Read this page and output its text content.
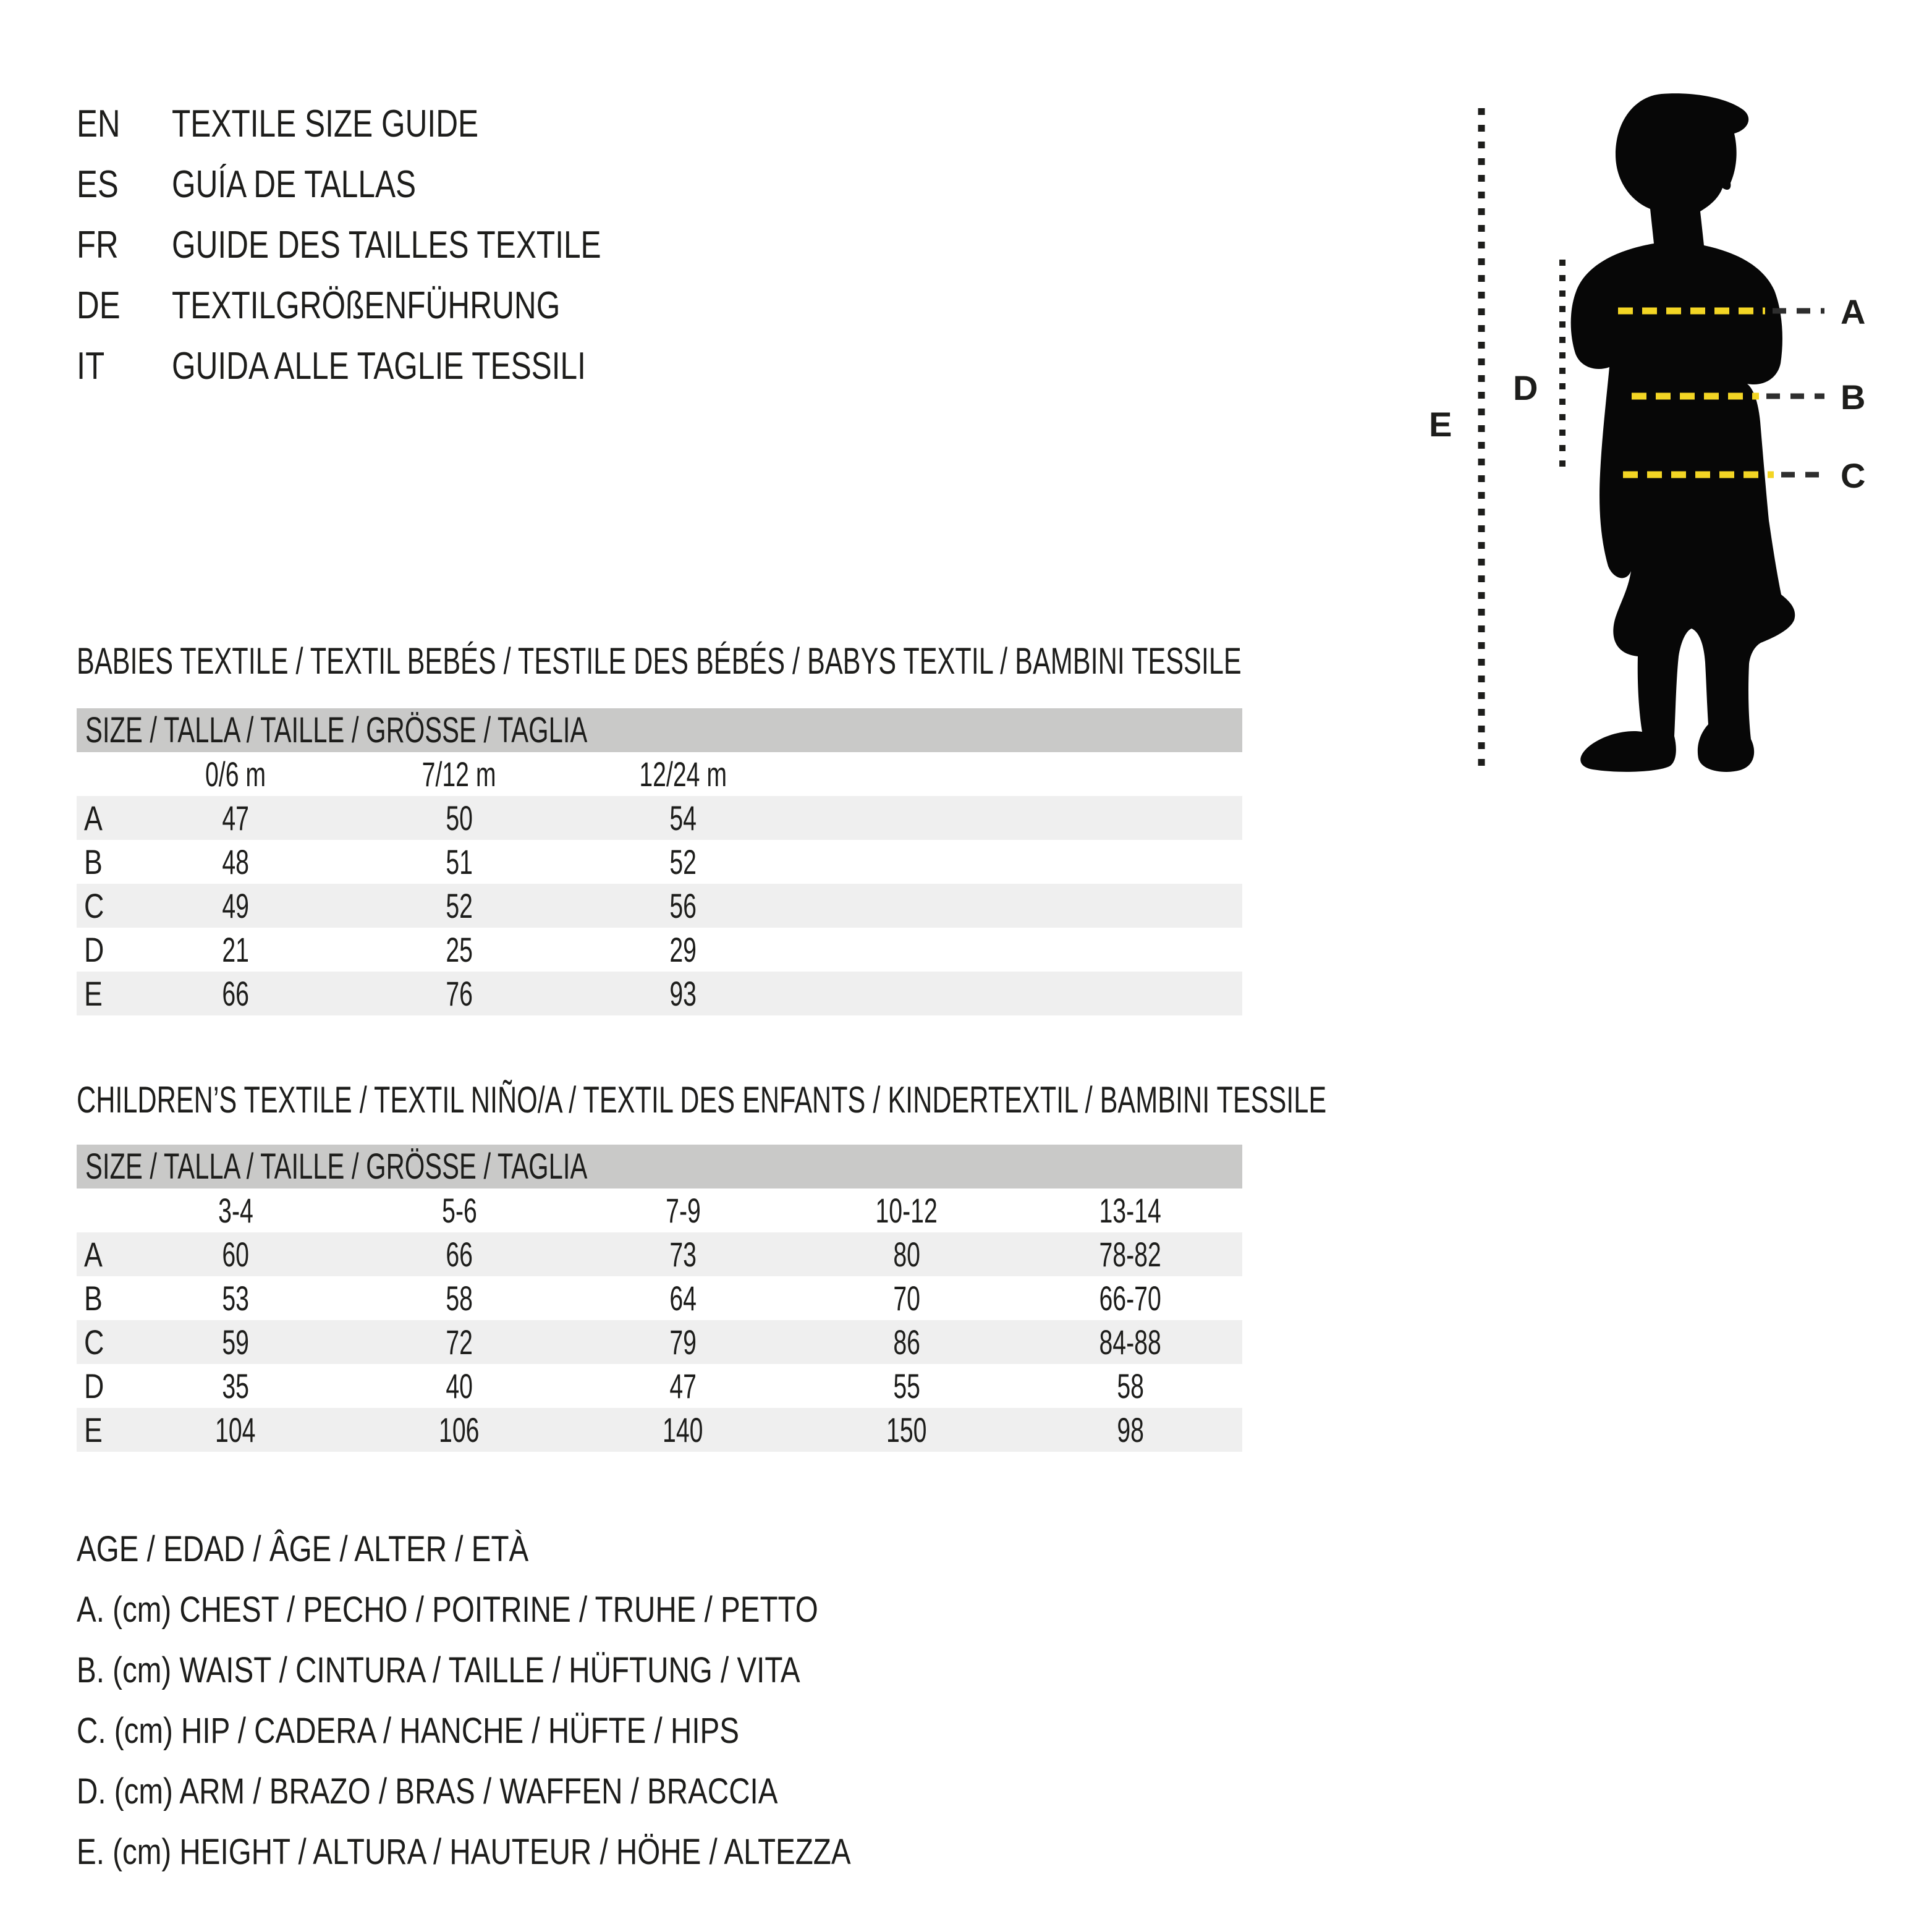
EN	TEXTILE SIZE GUIDE
ES	GUÍA DE TALLAS
FR	GUIDE DES TAILLES TEXTILE
DE	TEXTILGRÖßENFÜHRUNG
IT	GUIDA ALLE TAGLIE TESSILI
BABIES TEXTILE / TEXTIL BEBÉS / TESTILE DES BÉBÉS / BABYS TEXTIL / BAMBINI TESSILE
SIZE / TALLA / TAILLE / GRÖSSE / TAGLIA
0/6 m	7/12 m	12/24 m
A	47	50	54
B	48	51	52
C	49	52	56
D	21	25	29
E	66	76	93
CHILDREN’S TEXTILE / TEXTIL NIÑO/A / TEXTIL DES ENFANTS / KINDERTEXTIL / BAMBINI TESSILE
SIZE / TALLA / TAILLE / GRÖSSE / TAGLIA
3-4	5-6	7-9	10-12	13-14
A	60	66	73	80	78-82
B	53	58	64	70	66-70
C	59	72	79	86	84-88
D	35	40	47	55	58
E	104	106	140	150	98
AGE / EDAD / ÂGE / ALTER / ETÀ
A. (cm) CHEST / PECHO / POITRINE / TRUHE / PETTO
B. (cm) WAIST / CINTURA / TAILLE / HÜFTUNG / VITA
C. (cm) HIP / CADERA / HANCHE / HÜFTE / HIPS
D. (cm) ARM / BRAZO / BRAS / WAFFEN / BRACCIA
E. (cm) HEIGHT / ALTURA / HAUTEUR / HÖHE / ALTEZZA
E
D
A
B
C
